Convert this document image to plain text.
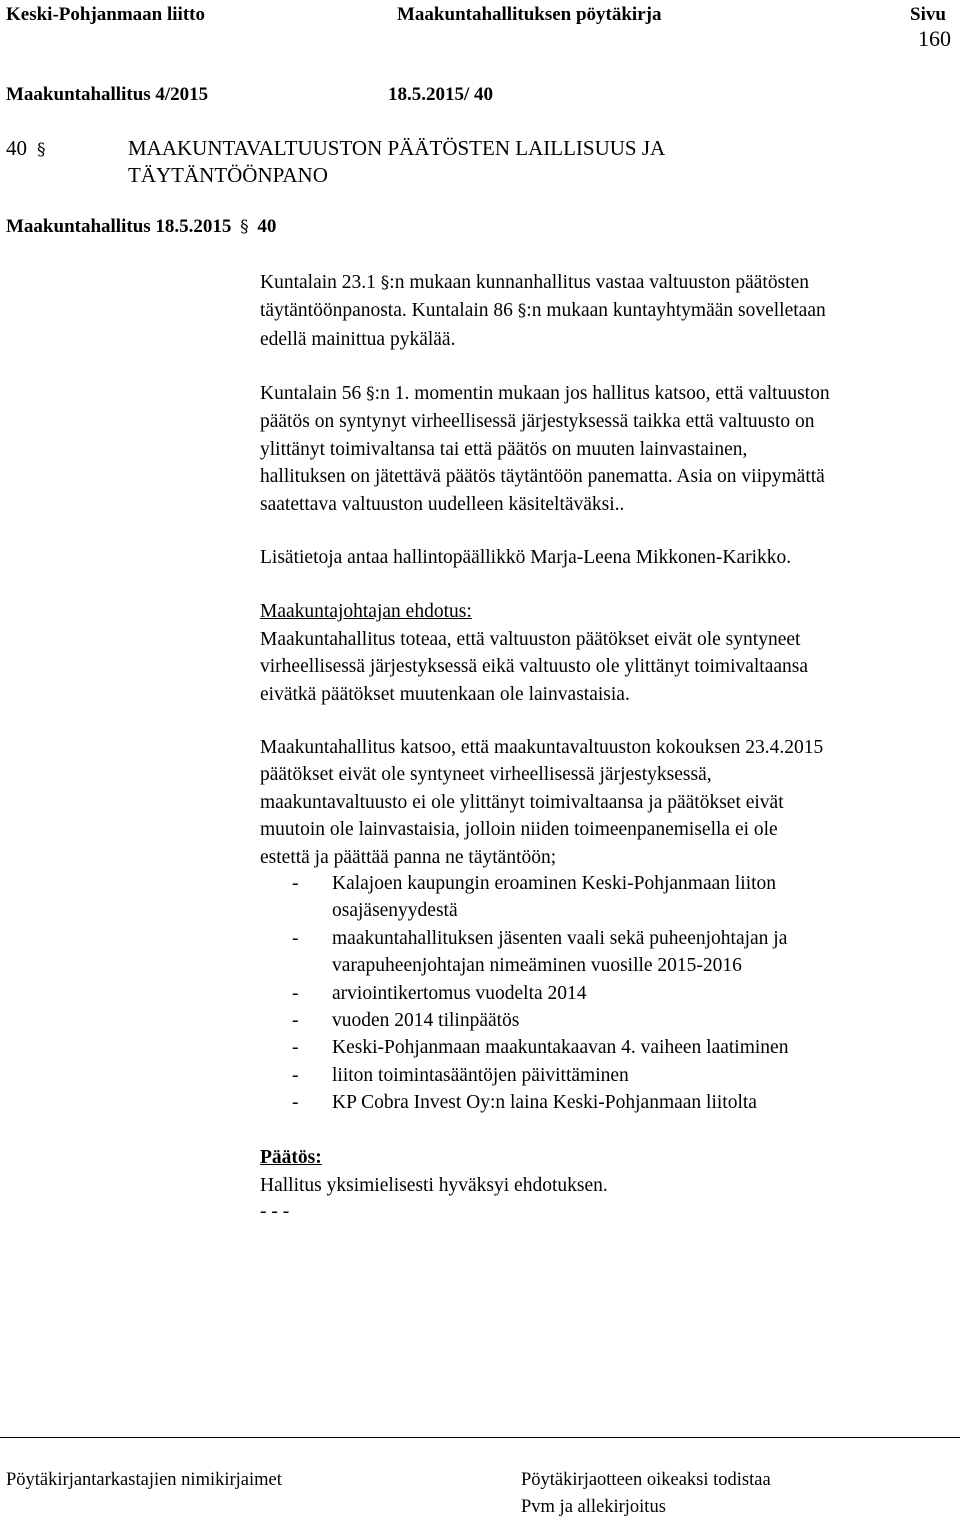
Keski-Pohjanmaan liitto	Maakuntahallituksen pöytäkirja	Sivu
160
Maakuntahallitus 4/2015	18.5.2015/ 40
40 §	MAAKUNTAVALTUUSTON PÄÄTÖSTEN LAILLISUUS JA
TÄYTÄNTÖÖNPANO
Maakuntahallitus 18.5.2015 § 40
Kuntalain 23.1 §:n mukaan kunnanhallitus vastaa valtuuston päätösten
täytäntöönpanosta. Kuntalain 86 §:n mukaan kuntayhtymään sovelletaan
edellä mainittua pykälää.
Kuntalain 56 §:n 1. momentin mukaan jos hallitus katsoo, että valtuuston
päätös on syntynyt virheellisessä järjestyksessä taikka että valtuusto on
ylittänyt toimivaltansa tai että päätös on muuten lainvastainen,
hallituksen on jätettävä päätös täytäntöön panematta. Asia on viipymättä
saatettava valtuuston uudelleen käsiteltäväksi..
Lisätietoja antaa hallintopäällikkö Marja-Leena Mikkonen-Karikko.
Maakuntajohtajan ehdotus:
Maakuntahallitus toteaa, että valtuuston päätökset eivät ole syntyneet
virheellisessä järjestyksessä eikä valtuusto ole ylittänyt toimivaltaansa
eivätkä päätökset muutenkaan ole lainvastaisia.
Maakuntahallitus katsoo, että maakuntavaltuuston kokouksen 23.4.2015
päätökset eivät ole syntyneet virheellisessä järjestyksessä,
maakuntavaltuusto ei ole ylittänyt toimivaltaansa ja päätökset eivät
muutoin ole lainvastaisia, jolloin niiden toimeenpanemisella ei ole
estettä ja päättää panna ne täytäntöön;
- Kalajoen kaupungin eroaminen Keski-Pohjanmaan liiton
osajäsenyydestä
- maakuntahallituksen jäsenten vaali sekä puheenjohtajan ja
varapuheenjohtajan nimeäminen vuosille 2015-2016
- arviointikertomus vuodelta 2014
- vuoden 2014 tilinpäätös
- Keski-Pohjanmaan maakuntakaavan 4. vaiheen laatiminen
- liiton toimintasääntöjen päivittäminen
- KP Cobra Invest Oy:n laina Keski-Pohjanmaan liitolta
Päätös:
Hallitus yksimielisesti hyväksyi ehdotuksen.
- - -
Pöytäkirjantarkastajien nimikirjaimet	Pöytäkirjaotteen oikeaksi todistaa
Pvm ja allekirjoitus
